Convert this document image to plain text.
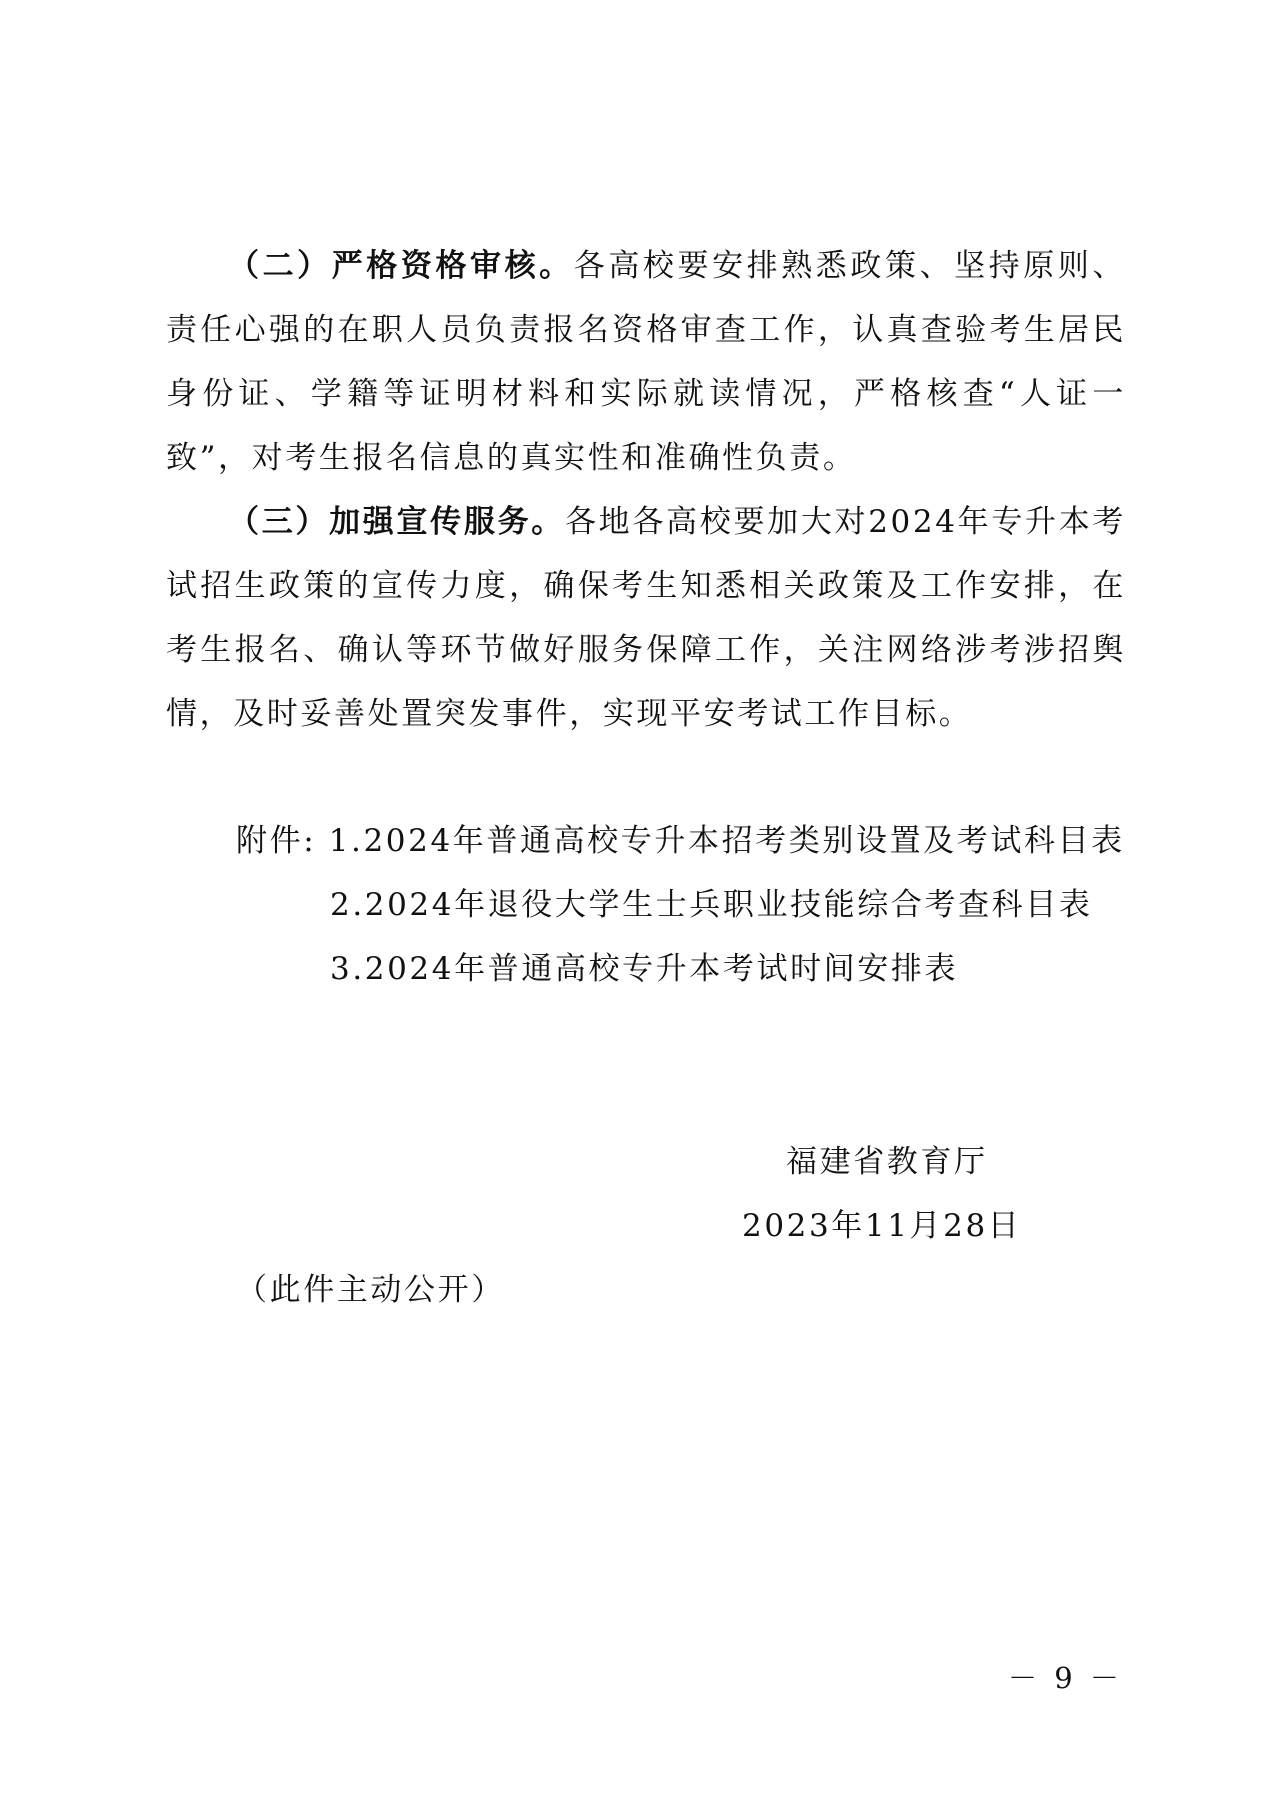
（二）严格资格审核。各高校要安排熟悉政策、坚持原则、责任心强的在职人员负责报名资格审查工作，认真查验考生居民身份证、学籍等证明材料和实际就读情况，严格核查“人证一致”，对考生报名信息的真实性和准确性负责。

（三）加强宣传服务。各地各高校要加大对2024年专升本考试招生政策的宣传力度，确保考生知悉相关政策及工作安排，在考生报名、确认等环节做好服务保障工作，关注网络涉考涉招舆情，及时妥善处置突发事件，实现平安考试工作目标。

附件: 1.2024年普通高校专升本招考类别设置及考试科目表
2.2024年退役大学生士兵职业技能综合考查科目表
3.2024年普通高校专升本考试时间安排表
福建省教育厅
2023年11月28日
（此件主动公开）
－ 9 －
